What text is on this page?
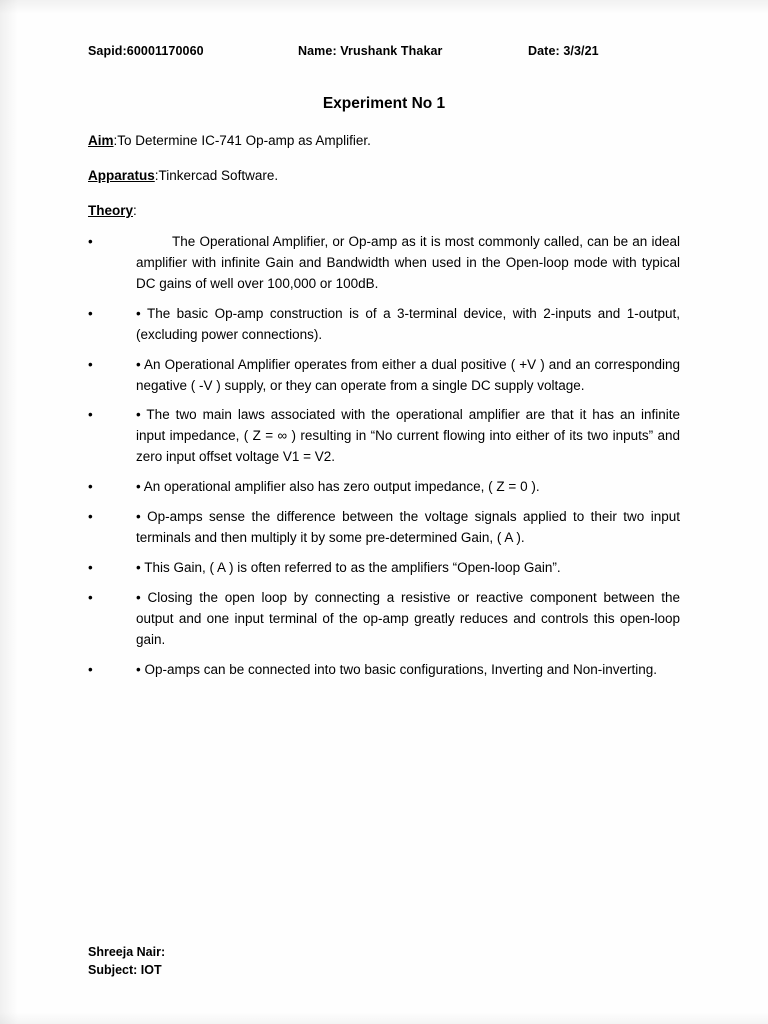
Sapid:60001170060	Name: Vrushank Thakar	Date: 3/3/21
Experiment No 1
Aim:To Determine IC-741 Op-amp as Amplifier.
Apparatus:Tinkercad Software.
Theory:
•	The Operational Amplifier, or Op-amp as it is most commonly called, can be an ideal amplifier with infinite Gain and Bandwidth when used in the Open-loop mode with typical DC gains of well over 100,000 or 100dB.
•	• The basic Op-amp construction is of a 3-terminal device, with 2-inputs and 1-output, (excluding power connections).
•	• An Operational Amplifier operates from either a dual positive ( +V ) and an corresponding negative ( -V ) supply, or they can operate from a single DC supply voltage.
•	• The two main laws associated with the operational amplifier are that it has an infinite input impedance, ( Z = ∞ ) resulting in “No current flowing into either of its two inputs” and zero input offset voltage V1 = V2.
•	• An operational amplifier also has zero output impedance, ( Z = 0 ).
•	• Op-amps sense the difference between the voltage signals applied to their two input terminals and then multiply it by some pre-determined Gain, ( A ).
•	• This Gain, ( A ) is often referred to as the amplifiers “Open-loop Gain”.
•	• Closing the open loop by connecting a resistive or reactive component between the output and one input terminal of the op-amp greatly reduces and controls this open-loop gain.
•	• Op-amps can be connected into two basic configurations, Inverting and Non-inverting.
Shreeja Nair:
Subject: IOT
